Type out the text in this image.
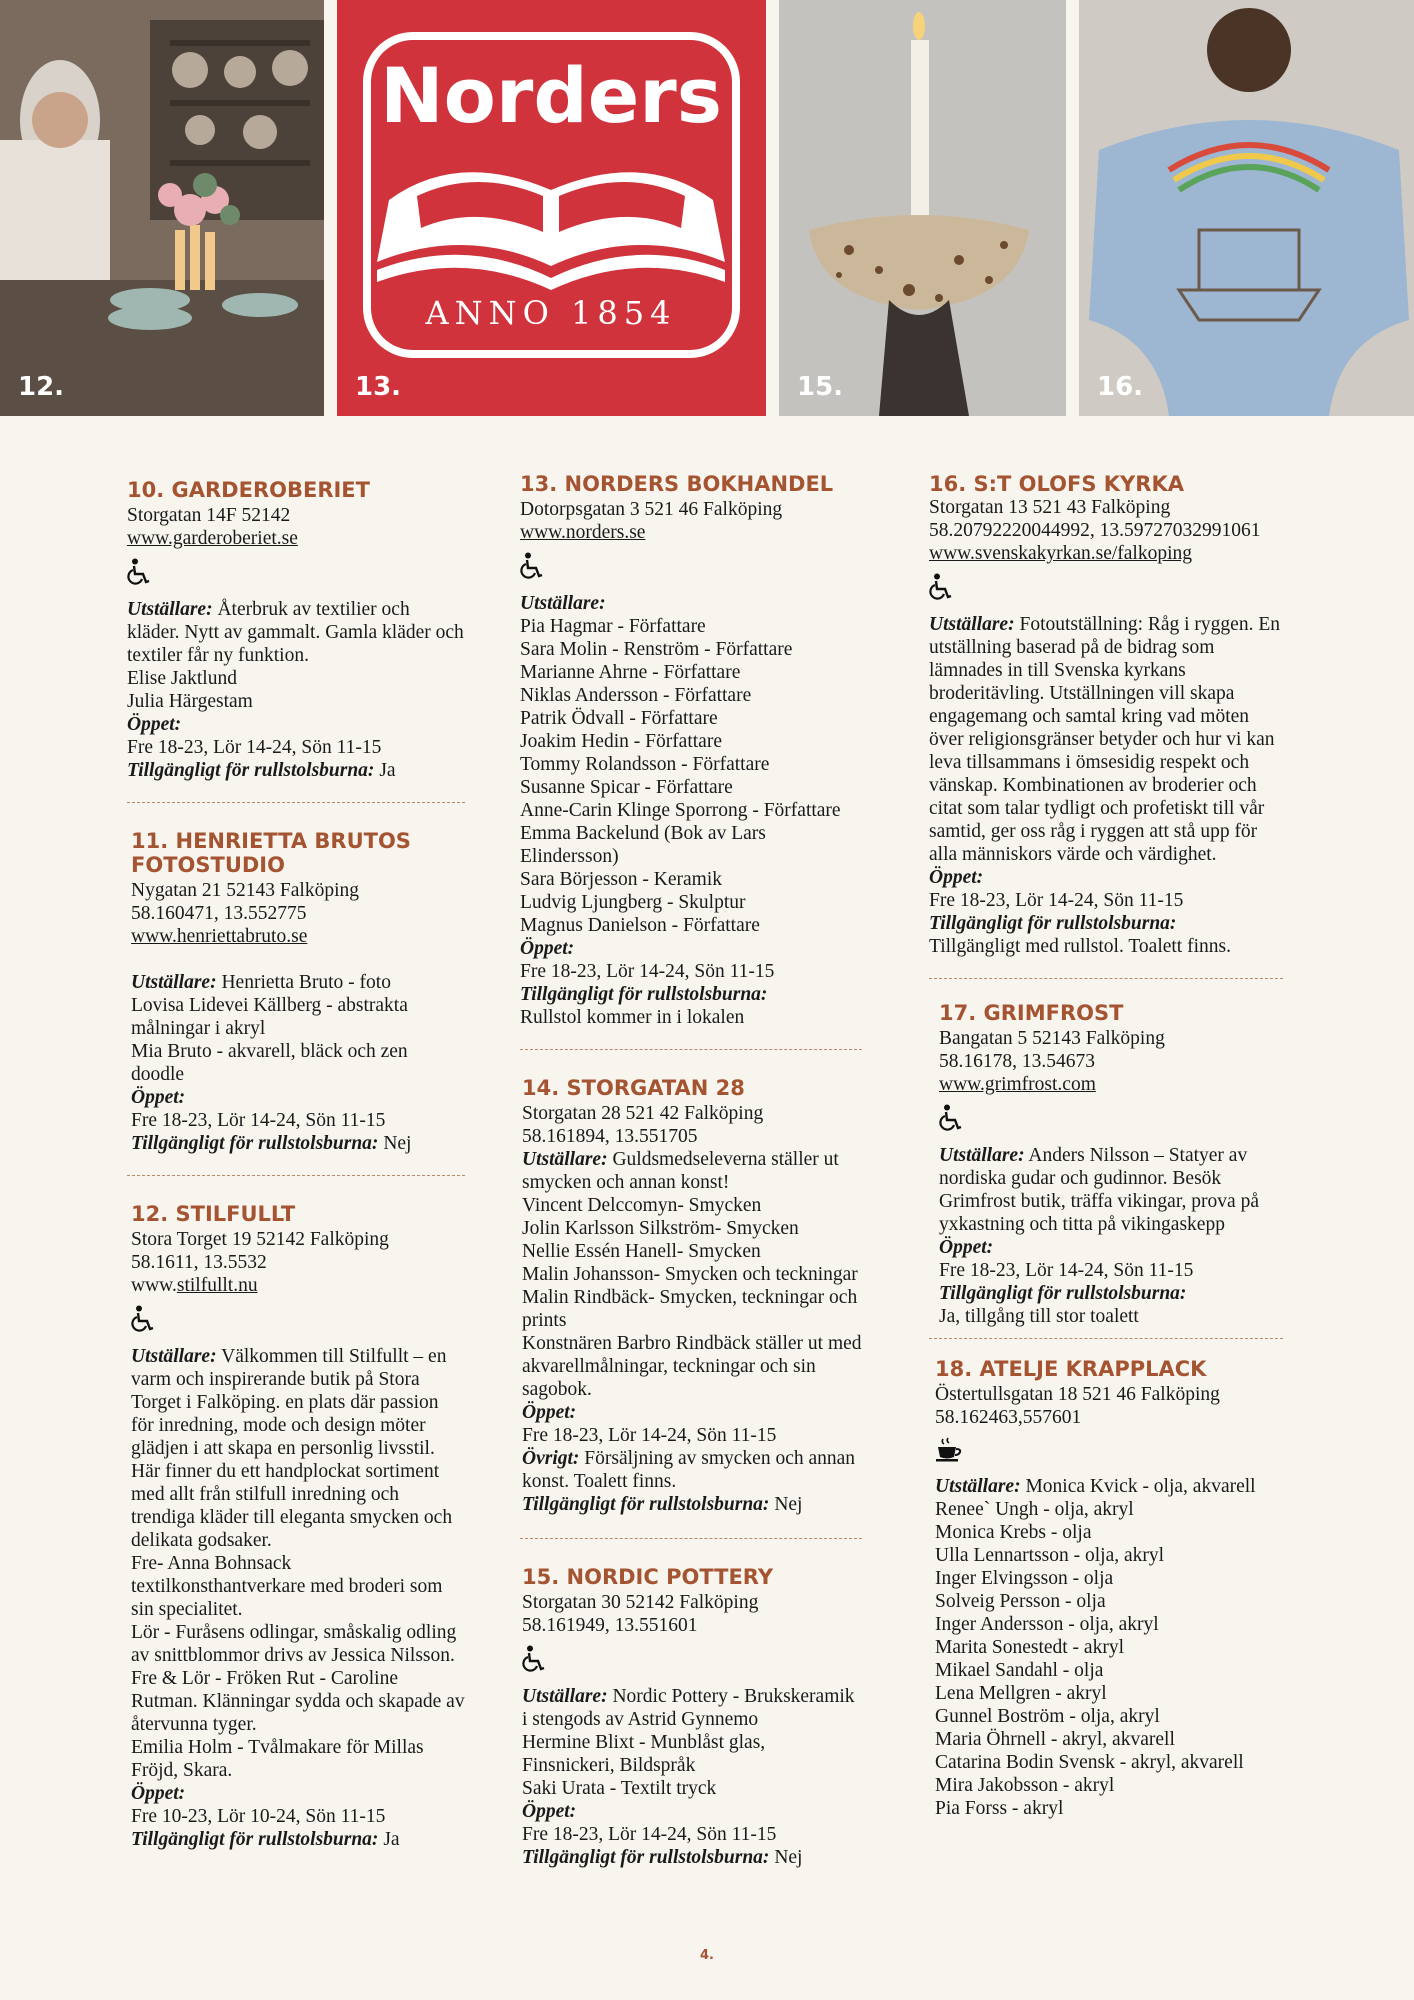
12.
Norders
ANNO 1854
13.	15.	16.
10. GARDEROBERIET
Storgatan 14F 52142
www.garderoberiet.se
Utställare: Återbruk av textilier och kläder. Nytt av gammalt. Gamla kläder och textiler får ny funktion.
Elise Jaktlund
Julia Härgestam
Öppet:
Fre 18-23, Lör 14-24, Sön 11-15
Tillgängligt för rullstolsburna: Ja
11. HENRIETTA BRUTOS FOTOSTUDIO
Nygatan 21 52143 Falköping
58.160471, 13.552775
www.henriettabruto.se
Utställare: Henrietta Bruto - foto
Lovisa Lidevei Källberg - abstrakta målningar i akryl
Mia Bruto - akvarell, bläck och zen doodle
Öppet:
Fre 18-23, Lör 14-24, Sön 11-15
Tillgängligt för rullstolsburna: Nej
12. STILFULLT
Stora Torget 19 52142 Falköping
58.1611, 13.5532
www.stilfullt.nu
Utställare: Välkommen till Stilfullt – en varm och inspirerande butik på Stora Torget i Falköping. en plats där passion för inredning, mode och design möter glädjen i att skapa en personlig livsstil. Här finner du ett handplockat sortiment med allt från stilfull inredning och trendiga kläder till eleganta smycken och delikata godsaker.
Fre- Anna Bohnsack textilkonsthantverkare med broderi som sin specialitet.
Lör - Furåsens odlingar, småskalig odling av snittblommor drivs av Jessica Nilsson.
Fre & Lör - Fröken Rut - Caroline Rutman. Klänningar sydda och skapade av återvunna tyger.
Emilia Holm - Tvålmakare för Millas Fröjd, Skara.
Öppet:
Fre 10-23, Lör 10-24, Sön 11-15
Tillgängligt för rullstolsburna: Ja
13. NORDERS BOKHANDEL
Dotorpsgatan 3 521 46 Falköping
www.norders.se
Utställare:
Pia Hagmar - Författare
Sara Molin - Renström - Författare
Marianne Ahrne - Författare
Niklas Andersson - Författare
Patrik Ödvall - Författare
Joakim Hedin - Författare
Tommy Rolandsson - Författare
Susanne Spicar - Författare
Anne-Carin Klinge Sporrong - Författare
Emma Backelund (Bok av Lars Elindersson)
Sara Börjesson - Keramik
Ludvig Ljungberg - Skulptur
Magnus Danielson - Författare
Öppet:
Fre 18-23, Lör 14-24, Sön 11-15
Tillgängligt för rullstolsburna:
Rullstol kommer in i lokalen
14. STORGATAN 28
Storgatan 28 521 42 Falköping
58.161894, 13.551705
Utställare: Guldsmedseleverna ställer ut smycken och annan konst!
Vincent Delccomyn- Smycken
Jolin Karlsson Silkström- Smycken
Nellie Essén Hanell- Smycken
Malin Johansson- Smycken och teckningar
Malin Rindbäck- Smycken, teckningar och prints
Konstnären Barbro Rindbäck ställer ut med akvarellmålningar, teckningar och sin sagobok.
Öppet:
Fre 18-23, Lör 14-24, Sön 11-15
Övrigt: Försäljning av smycken och annan konst. Toalett finns.
Tillgängligt för rullstolsburna: Nej
15. NORDIC POTTERY
Storgatan 30 52142 Falköping
58.161949, 13.551601
Utställare: Nordic Pottery - Brukskeramik i stengods av Astrid Gynnemo
Hermine Blixt - Munblåst glas, Finsnickeri, Bildspråk
Saki Urata - Textilt tryck
Öppet:
Fre 18-23, Lör 14-24, Sön 11-15
Tillgängligt för rullstolsburna: Nej
16. S:T OLOFS KYRKA
Storgatan 13 521 43 Falköping
58.20792220044992, 13.59727032991061
www.svenskakyrkan.se/falkoping
Utställare: Fotoutställning: Råg i ryggen. En utställning baserad på de bidrag som lämnades in till Svenska kyrkans broderitävling. Utställningen vill skapa engagemang och samtal kring vad möten över religionsgränser betyder och hur vi kan leva tillsammans i ömsesidig respekt och vänskap. Kombinationen av broderier och citat som talar tydligt och profetiskt till vår samtid, ger oss råg i ryggen att stå upp för alla människors värde och värdighet.
Öppet:
Fre 18-23, Lör 14-24, Sön 11-15
Tillgängligt för rullstolsburna:
Tillgängligt med rullstol. Toalett finns.
17. GRIMFROST
Bangatan 5 52143 Falköping
58.16178, 13.54673
www.grimfrost.com
Utställare: Anders Nilsson – Statyer av nordiska gudar och gudinnor. Besök Grimfrost butik, träffa vikingar, prova på yxkastning och titta på vikingaskepp
Öppet:
Fre 18-23, Lör 14-24, Sön 11-15
Tillgängligt för rullstolsburna:
Ja, tillgång till stor toalett
18. ATELJE KRAPPLACK
Östertullsgatan 18 521 46 Falköping
58.162463,557601
Utställare: Monica Kvick - olja, akvarell
Renee` Ungh - olja, akryl
Monica Krebs - olja
Ulla Lennartsson - olja, akryl
Inger Elvingsson - olja
Solveig Persson - olja
Inger Andersson - olja, akryl
Marita Sonestedt - akryl
Mikael Sandahl - olja
Lena Mellgren - akryl
Gunnel Boström - olja, akryl
Maria Öhrnell - akryl, akvarell
Catarina Bodin Svensk - akryl, akvarell
Mira Jakobsson - akryl
Pia Forss - akryl
4.
